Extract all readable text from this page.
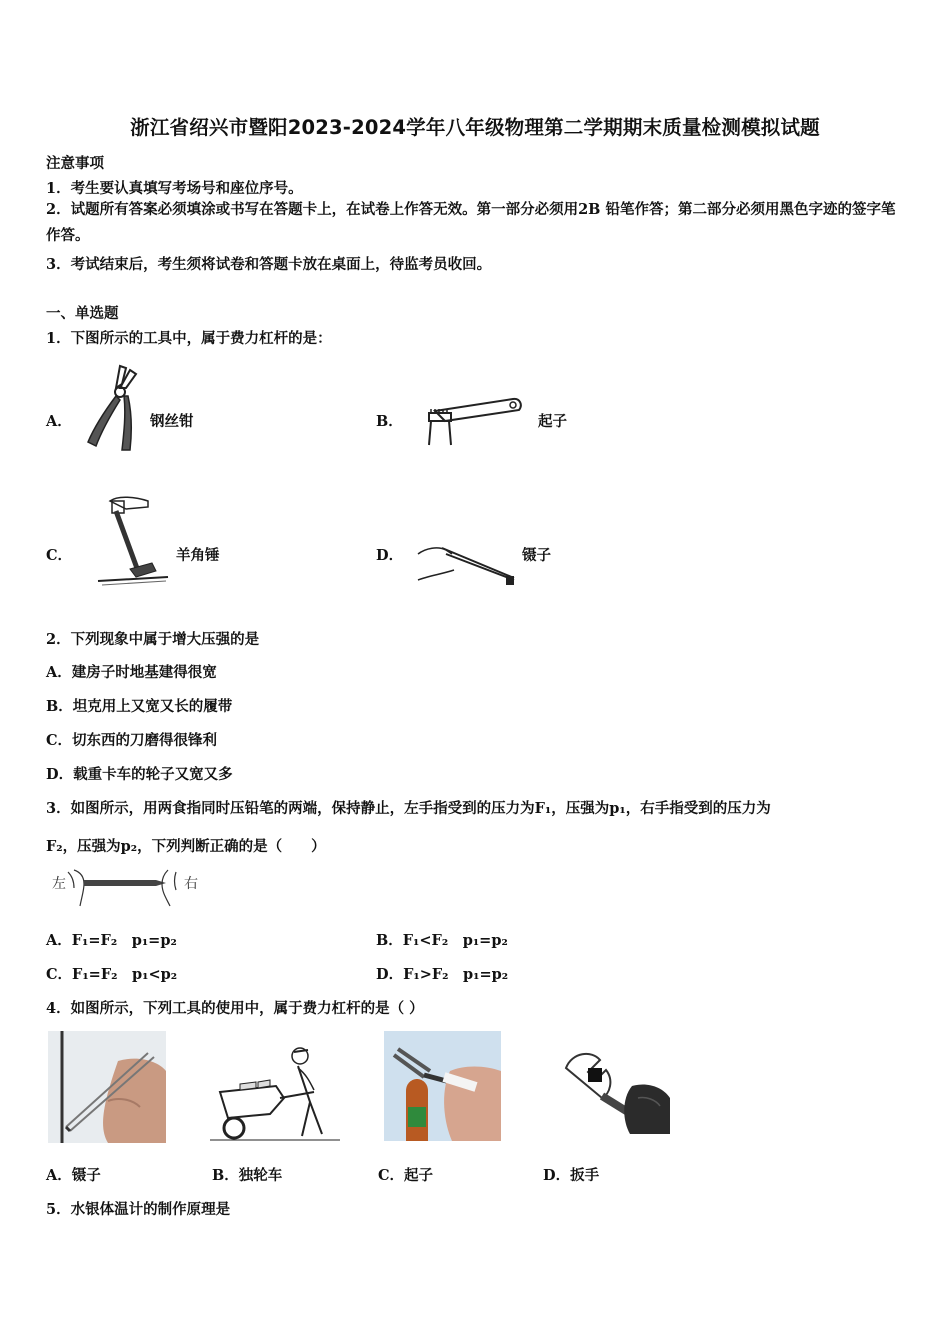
浙江省绍兴市暨阳2023-2024学年八年级物理第二学期期末质量检测模拟试题
注意事项
1．考生要认真填写考场号和座位序号。
2．试题所有答案必须填涂或书写在答题卡上，在试卷上作答无效。第一部分必须用2B 铅笔作答；第二部分必须用黑色字迹的签字笔作答。
3．考试结束后，考生须将试卷和答题卡放在桌面上，待监考员收回。
一、单选题
1．下图所示的工具中，属于费力杠杆的是：
A．	钢丝钳	B．	起子
C．	羊角锤	D．	镊子
2．下列现象中属于增大压强的是
A．建房子时地基建得很宽
B．坦克用上又宽又长的履带
C．切东西的刀磨得很锋利
D．载重卡车的轮子又宽又多
3．如图所示，用两食指同时压铅笔的两端，保持静止，左手指受到的压力为F₁，压强为p₁，右手指受到的压力为
F₂，压强为p₂，下列判断正确的是（　　）
左	右
A．F₁=F₂　p₁=p₂	B．F₁<F₂　p₁=p₂
C．F₁=F₂　p₁<p₂	D．F₁>F₂　p₁=p₂
4．如图所示，下列工具的使用中，属于费力杠杆的是（ ）
A．镊子	B．独轮车	C．起子	D．扳手
5．水银体温计的制作原理是
